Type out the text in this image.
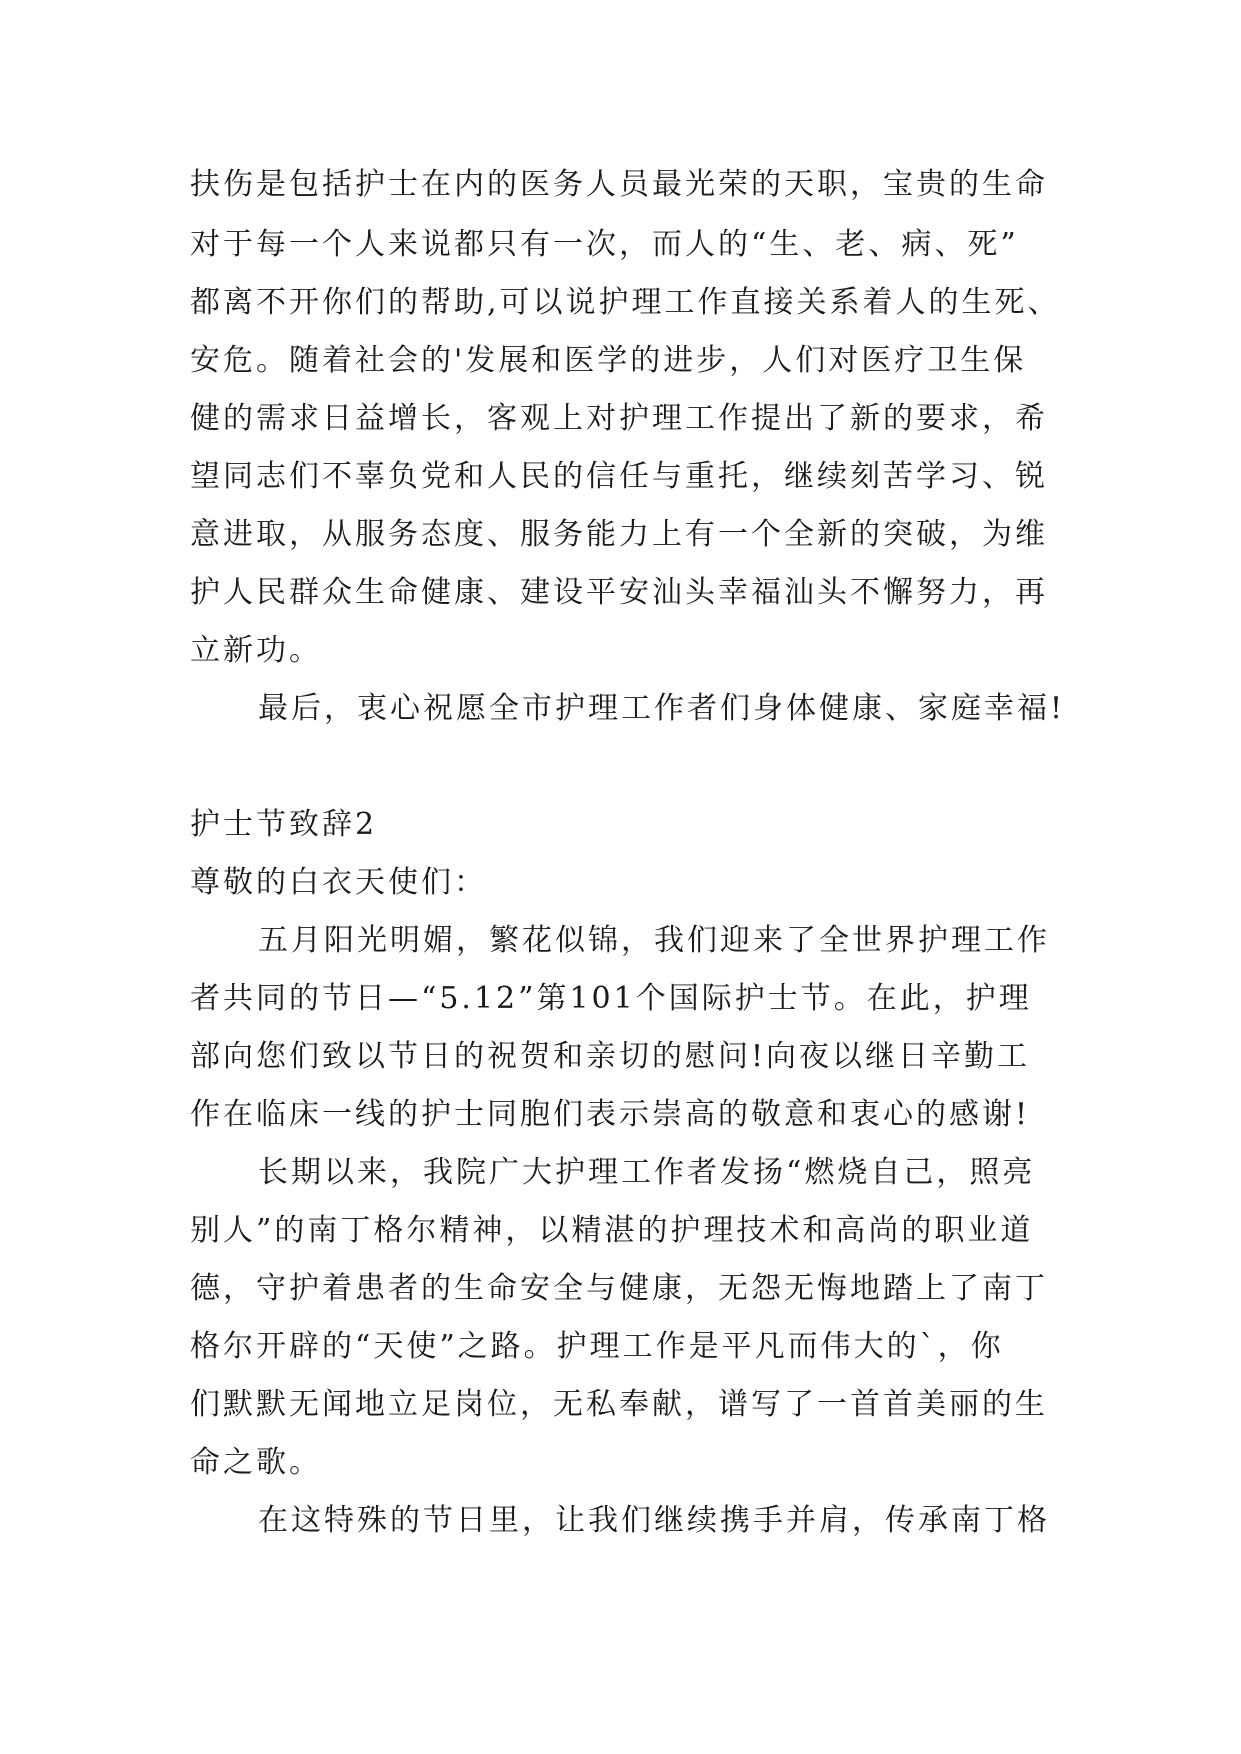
扶伤是包括护士在内的医务人员最光荣的天职，宝贵的生命
对于每一个人来说都只有一次，而人的“生、老、病、死”
都离不开你们的帮助,可以说护理工作直接关系着人的生死、
安危。随着社会的'发展和医学的进步，人们对医疗卫生保
健的需求日益增长，客观上对护理工作提出了新的要求，希
望同志们不辜负党和人民的信任与重托，继续刻苦学习、锐
意进取，从服务态度、服务能力上有一个全新的突破，为维
护人民群众生命健康、建设平安汕头幸福汕头不懈努力，再
立新功。
最后，衷心祝愿全市护理工作者们身体健康、家庭幸福!
护士节致辞2
尊敬的白衣天使们：
五月阳光明媚，繁花似锦，我们迎来了全世界护理工作
者共同的节日—“5.12”第101个国际护士节。在此，护理
部向您们致以节日的祝贺和亲切的慰问!向夜以继日辛勤工
作在临床一线的护士同胞们表示崇高的敬意和衷心的感谢!
长期以来，我院广大护理工作者发扬“燃烧自己，照亮
别人”的南丁格尔精神，以精湛的护理技术和高尚的职业道
德，守护着患者的生命安全与健康，无怨无悔地踏上了南丁
格尔开辟的“天使”之路。护理工作是平凡而伟大的`，你
们默默无闻地立足岗位，无私奉献，谱写了一首首美丽的生
命之歌。
在这特殊的节日里，让我们继续携手并肩，传承南丁格
